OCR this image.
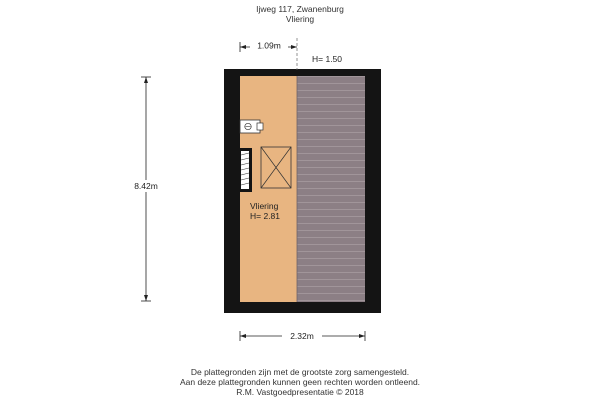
Ijweg 117, Zwanenburg
Vliering
Vliering
H= 2.81
1.09m
H= 1.50
8.42m
2.32m
De plattegronden zijn met de grootste zorg samengesteld.
Aan deze plattegronden kunnen geen rechten worden ontleend.
R.M. Vastgoedpresentatie © 2018
